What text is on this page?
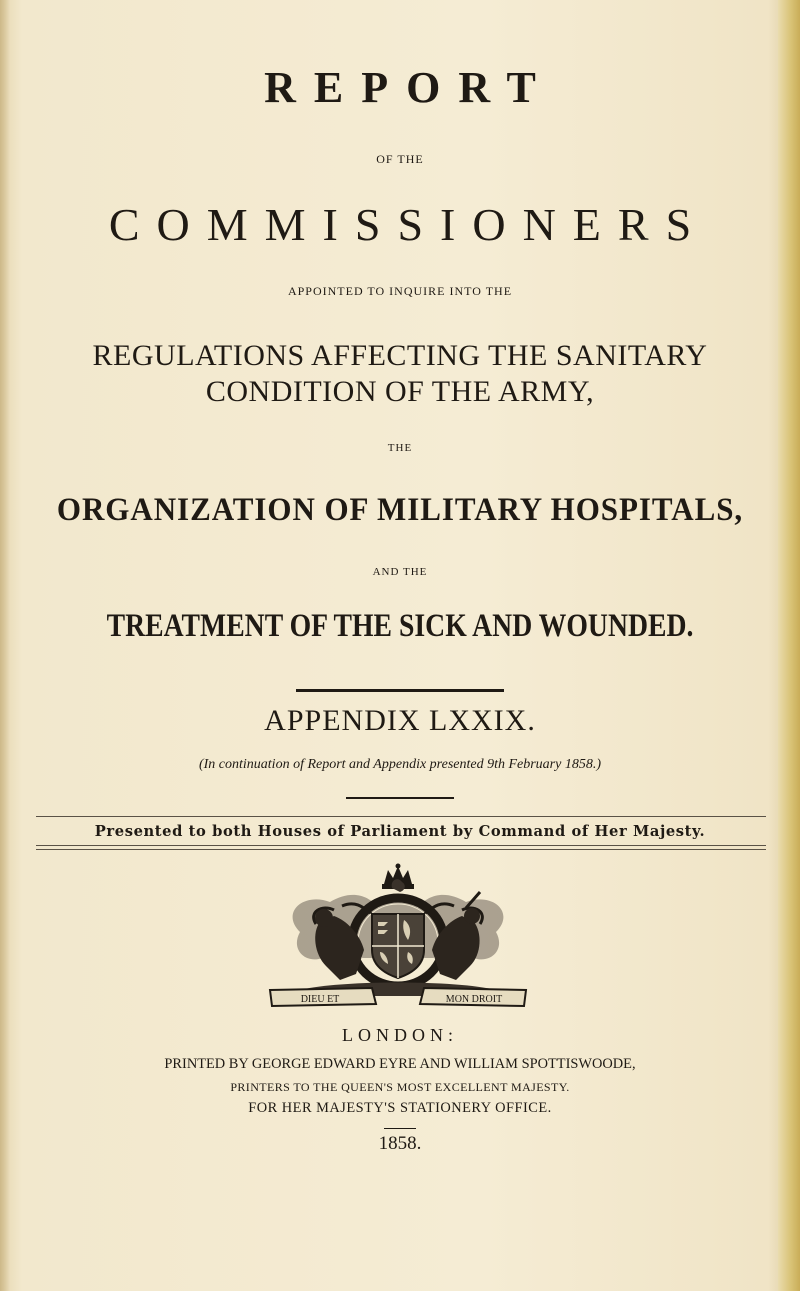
REPORT
OF THE
COMMISSIONERS
APPOINTED TO INQUIRE INTO THE
REGULATIONS AFFECTING THE SANITARY
CONDITION OF THE ARMY,
THE
ORGANIZATION OF MILITARY HOSPITALS,
AND THE
TREATMENT OF THE SICK AND WOUNDED.
APPENDIX LXXIX.
(In continuation of Report and Appendix presented 9th February 1858.)
Presented to both Houses of Parliament by Command of Her Majesty.
DIEU ET	MON DROIT
LONDON:
PRINTED BY GEORGE EDWARD EYRE AND WILLIAM SPOTTISWOODE,
PRINTERS TO THE QUEEN'S MOST EXCELLENT MAJESTY.
FOR HER MAJESTY'S STATIONERY OFFICE.
1858.
